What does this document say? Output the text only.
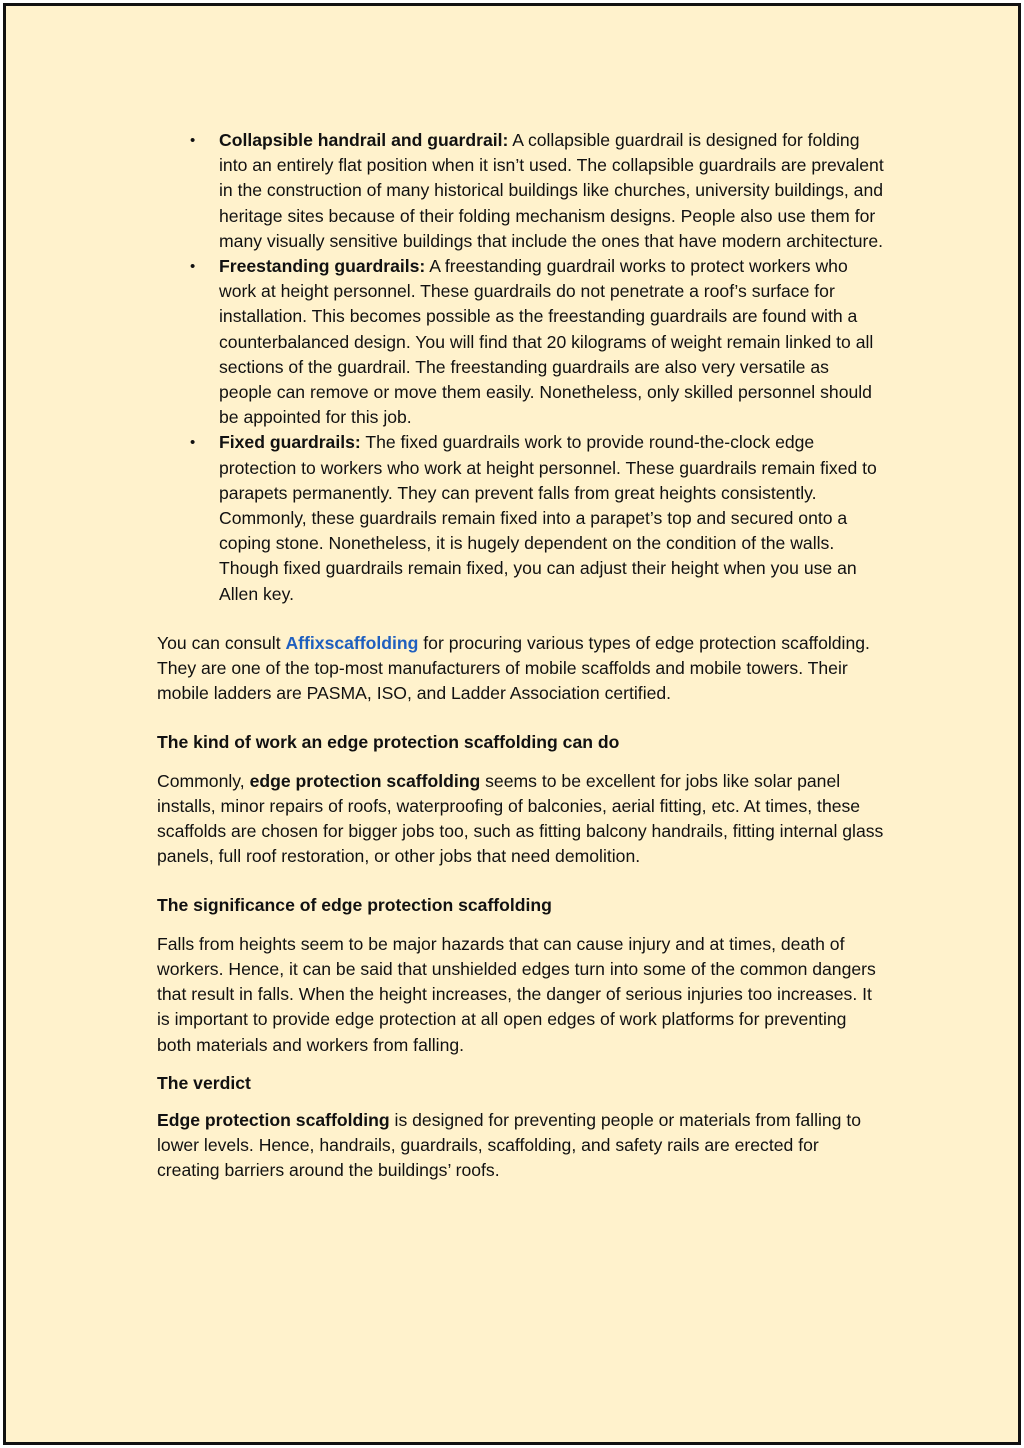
• Collapsible handrail and guardrail: A collapsible guardrail is designed for folding into an entirely flat position when it isn’t used. The collapsible guardrails are prevalent in the construction of many historical buildings like churches, university buildings, and heritage sites because of their folding mechanism designs. People also use them for many visually sensitive buildings that include the ones that have modern architecture.
• Freestanding guardrails: A freestanding guardrail works to protect workers who work at height personnel. These guardrails do not penetrate a roof’s surface for installation. This becomes possible as the freestanding guardrails are found with a counterbalanced design. You will find that 20 kilograms of weight remain linked to all sections of the guardrail. The freestanding guardrails are also very versatile as people can remove or move them easily. Nonetheless, only skilled personnel should be appointed for this job.
• Fixed guardrails: The fixed guardrails work to provide round-the-clock edge protection to workers who work at height personnel. These guardrails remain fixed to parapets permanently. They can prevent falls from great heights consistently. Commonly, these guardrails remain fixed into a parapet’s top and secured onto a coping stone. Nonetheless, it is hugely dependent on the condition of the walls. Though fixed guardrails remain fixed, you can adjust their height when you use an Allen key.

You can consult Affixscaffolding for procuring various types of edge protection scaffolding. They are one of the top-most manufacturers of mobile scaffolds and mobile towers. Their mobile ladders are PASMA, ISO, and Ladder Association certified.

The kind of work an edge protection scaffolding can do

Commonly, edge protection scaffolding seems to be excellent for jobs like solar panel installs, minor repairs of roofs, waterproofing of balconies, aerial fitting, etc. At times, these scaffolds are chosen for bigger jobs too, such as fitting balcony handrails, fitting internal glass panels, full roof restoration, or other jobs that need demolition.

The significance of edge protection scaffolding

Falls from heights seem to be major hazards that can cause injury and at times, death of workers. Hence, it can be said that unshielded edges turn into some of the common dangers that result in falls. When the height increases, the danger of serious injuries too increases. It is important to provide edge protection at all open edges of work platforms for preventing both materials and workers from falling.

The verdict

Edge protection scaffolding is designed for preventing people or materials from falling to lower levels. Hence, handrails, guardrails, scaffolding, and safety rails are erected for creating barriers around the buildings’ roofs.
